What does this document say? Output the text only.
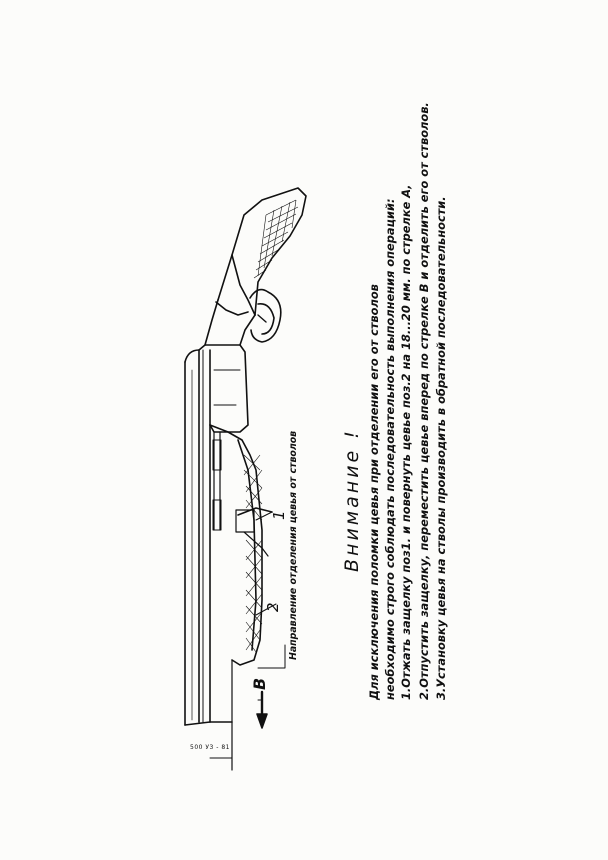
1
2
В
Направление отделения цевья от стволов Внимание ! Для исключения поломки цевья при отделении его от стволов необходимо строго соблюдать последовательность выполнения операций: 1.Отжать защелку поз1. и повернуть цевье поз.2 на 18...20 мм. по стрелке А, 2.Отпустить защелку, переместить цевье вперед по стрелке В и отделить его от стволов. 3.Установку цевья на стволы производить в обратной последовательности.
500 У3 - 81
